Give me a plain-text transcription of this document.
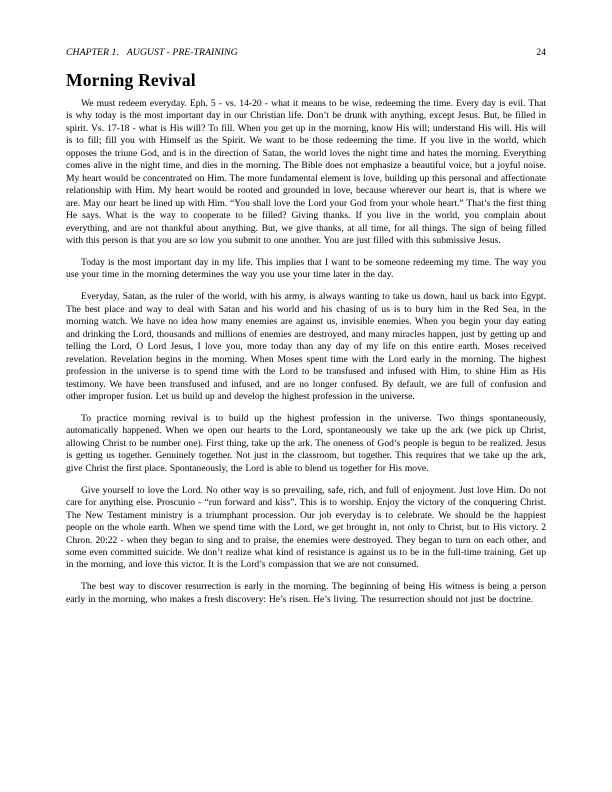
CHAPTER 1. AUGUST - PRE-TRAINING	24
Morning Revival

We must redeem everyday. Eph. 5 - vs. 14-20 - what it means to be wise, redeeming the time. Every day is evil. That is why today is the most important day in our Christian life. Don’t be drunk with anything, except Jesus. But, be filled in spirit. Vs. 17-18 - what is His will? To fill. When you get up in the morning, know His will; understand His will. His will is to fill; fill you with Himself as the Spirit. We want to be those redeeming the time. If you live in the world, which opposes the triune God, and is in the direction of Satan, the world loves the night time and hates the morning. Everything comes alive in the night time, and dies in the morning. The Bible does not emphasize a beautiful voice, but a joyful noise. My heart would be concentrated on Him. The more fundamental element is love, building up this personal and affectionate relationship with Him. My heart would be rooted and grounded in love, because wherever our heart is, that is where we are. May our heart be lined up with Him. “You shall love the Lord your God from your whole heart.” That’s the first thing He says. What is the way to cooperate to be filled? Giving thanks. If you live in the world, you complain about everything, and are not thankful about anything. But, we give thanks, at all time, for all things. The sign of being filled with this person is that you are so low you submit to one another. You are just filled with this submissive Jesus.

Today is the most important day in my life. This implies that I want to be someone redeeming my time. The way you use your time in the morning determines the way you use your time later in the day.

Everyday, Satan, as the ruler of the world, with his army, is always wanting to take us down, haul us back into Egypt. The best place and way to deal with Satan and his world and his chasing of us is to bury him in the Red Sea, in the morning watch. We have no idea how many enemies are against us, invisible enemies. When you begin your day eating and drinking the Lord, thousands and millions of enemies are destroyed, and many miracles happen, just by getting up and telling the Lord, O Lord Jesus, I love you, more today than any day of my life on this entire earth. Moses received revelation. Revelation begins in the morning. When Moses spent time with the Lord early in the morning. The highest profession in the universe is to spend time with the Lord to be transfused and infused with Him, to shine Him as His testimony. We have been transfused and infused, and are no longer confused. By default, we are full of confusion and other improper fusion. Let us build up and develop the highest profession in the universe.

To practice morning revival is to build up the highest profession in the universe. Two things spontaneously, automatically happened. When we open our hearts to the Lord, spontaneously we take up the ark (we pick up Christ, allowing Christ to be number one). First thing, take up the ark. The oneness of God’s people is begun to be realized. Jesus is getting us together. Genuinely together. Not just in the classroom, but together. This requires that we take up the ark, give Christ the first place. Spontaneously, the Lord is able to blend us together for His move.

Give yourself to love the Lord. No other way is so prevailing, safe, rich, and full of enjoyment. Just love Him. Do not care for anything else. Proscunio - “run forward and kiss”. This is to worship. Enjoy the victory of the conquering Christ. The New Testament ministry is a triumphant procession. Our job everyday is to celebrate. We should be the happiest people on the whole earth. When we spend time with the Lord, we get brought in, not only to Christ, but to His victory. 2 Chron. 20:22 - when they began to sing and to praise, the enemies were destroyed. They began to turn on each other, and some even committed suicide. We don’t realize what kind of resistance is against us to be in the full-time training. Get up in the morning, and love this victor. It is the Lord’s compassion that we are not consumed.

The best way to discover resurrection is early in the morning. The beginning of being His witness is being a person early in the morning, who makes a fresh discovery: He’s risen. He’s living. The resurrection should not just be doctrine.
